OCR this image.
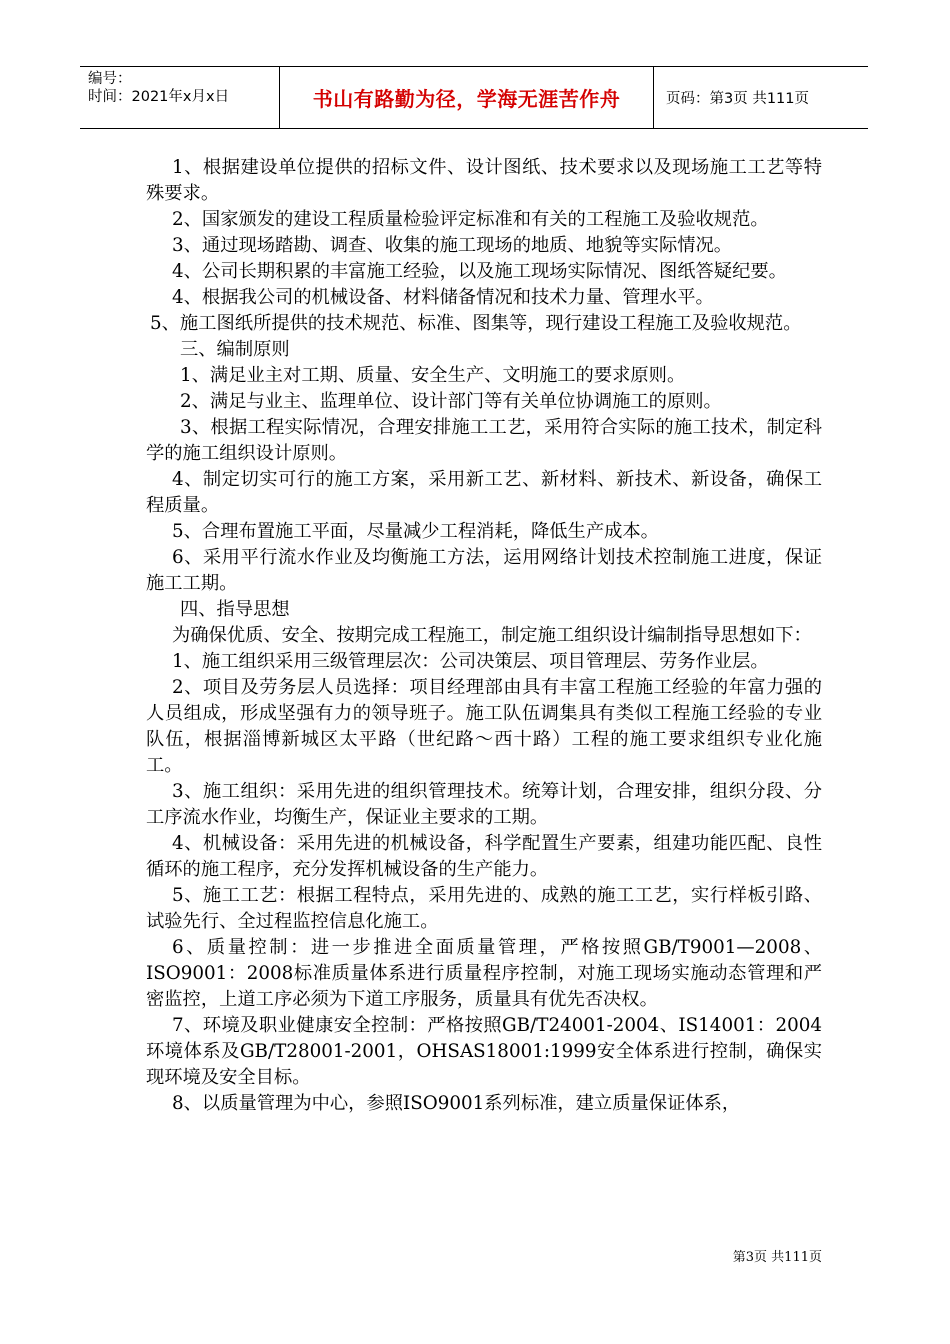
编号：
时间：2021年x月x日	书山有路勤为径，学海无涯苦作舟	页码：第3页 共111页

1、根据建设单位提供的招标文件、设计图纸、技术要求以及现场施工工艺等特殊要求。

2、国家颁发的建设工程质量检验评定标准和有关的工程施工及验收规范。

3、通过现场踏勘、调查、收集的施工现场的地质、地貌等实际情况。

4、公司长期积累的丰富施工经验，以及施工现场实际情况、图纸答疑纪要。

4、根据我公司的机械设备、材料储备情况和技术力量、管理水平。

5、施工图纸所提供的技术规范、标准、图集等，现行建设工程施工及验收规范。

三、编制原则

1、满足业主对工期、质量、安全生产、文明施工的要求原则。

2、满足与业主、监理单位、设计部门等有关单位协调施工的原则。

3、根据工程实际情况，合理安排施工工艺，采用符合实际的施工技术，制定科学的施工组织设计原则。

4、制定切实可行的施工方案，采用新工艺、新材料、新技术、新设备，确保工程质量。

5、合理布置施工平面，尽量减少工程消耗，降低生产成本。

6、采用平行流水作业及均衡施工方法，运用网络计划技术控制施工进度，保证施工工期。

四、指导思想

为确保优质、安全、按期完成工程施工，制定施工组织设计编制指导思想如下：

1、施工组织采用三级管理层次：公司决策层、项目管理层、劳务作业层。

2、项目及劳务层人员选择：项目经理部由具有丰富工程施工经验的年富力强的人员组成，形成坚强有力的领导班子。施工队伍调集具有类似工程施工经验的专业队伍，根据淄博新城区太平路（世纪路～西十路）工程的施工要求组织专业化施工。

3、施工组织：采用先进的组织管理技术。统筹计划，合理安排，组织分段、分工序流水作业，均衡生产，保证业主要求的工期。

4、机械设备：采用先进的机械设备，科学配置生产要素，组建功能匹配、良性循环的施工程序，充分发挥机械设备的生产能力。

5、施工工艺：根据工程特点，采用先进的、成熟的施工工艺，实行样板引路、试验先行、全过程监控信息化施工。

6、质量控制：进一步推进全面质量管理，严格按照GB/T9001—2008、ISO9001：2008标准质量体系进行质量程序控制，对施工现场实施动态管理和严密监控，上道工序必须为下道工序服务，质量具有优先否决权。

7、环境及职业健康安全控制：严格按照GB/T24001-2004、IS14001：2004环境体系及GB/T28001-2001，OHSAS18001:1999安全体系进行控制，确保实现环境及安全目标。

8、以质量管理为中心，参照ISO9001系列标准，建立质量保证体系，

第3页 共111页
